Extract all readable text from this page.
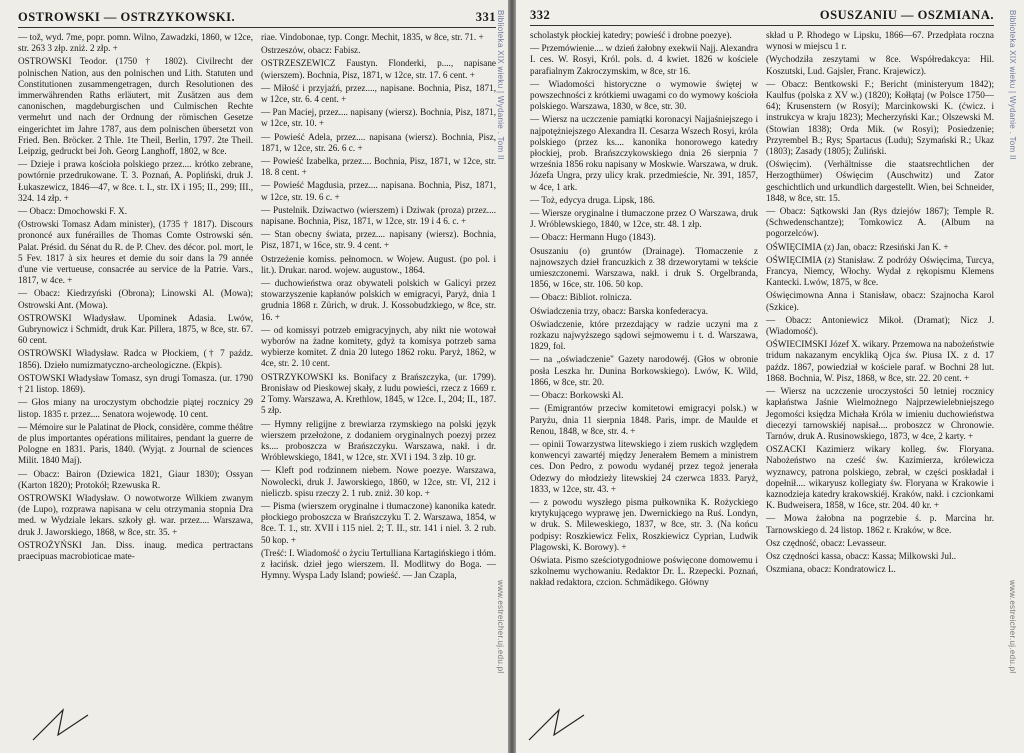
OSTROWSKI — OSTRZYKOWSKI.	331
— tož, wyd. 7me, popr. pomn. Wilno, Zawadzki, 1860, w 12ce, str. 263 3 złp. zniż. 2 złp. +
OSTROWSKI Teodor. (1750 † 1802). Civilrecht der polnischen Nation, aus den polnischen und Lith. Statuten und Constitutionen zusammengetragen, durch Resolutionen des immerwährenden Raths erläutert, mit Zusätzen aus dem canonischen, magdeburgischen und Culmischen Rechte vermehrt und nach der Ordnung der römischen Gesetze eingerichtet im Jahre 1787, aus dem polnischen übersetzt von Fried. Ben. Bröcker. 2 Thle. 1te Theil, Berlin, 1797. 2te Theil. Leipzig, gedruckt bei Joh. Georg Langhoff, 1802, w 8ce.
— Dzieje i prawa kościoła polskiego przez.... krótko zebrane, powtórnie przedrukowane. T. 3. Poznań, A. Popliński, druk J. Łukaszewicz, 1846—47, w 8ce. t. I., str. IX i 195; II., 299; III., 324. 14 złp. +
— Obacz: Dmochowski F. X.
(Ostrowski Tomasz Adam minister), (1735 † 1817). Discours prononcé aux funérailles de Thomas Comte Ostrowski sén. Palat. Présid. du Sénat du R. de P. Chev. des décor. pol. mort, le 5 Fev. 1817 à six heures et demie du soir dans la 79 année d'une vie vertueuse, consacrée au service de la Patrie. Vars., 1817, w 4ce. +
— Obacz: Kiedrzyński (Obrona); Linowski Al. (Mowa); Ostrowski Ant. (Mowa).
OSTROWSKI Władysław. Upominek Adasia. Lwów, Gubrynowicz i Schmidt, druk Kar. Pillera, 1875, w 8ce, str. 67. 60 cent.
OSTROWSKI Władysław. Radca w Płockiem, († 7 paźdz. 1856). Dzieło numizmatyczno-archeologiczne. (Ekpis).
OSTOWSKI Władysław Tomasz, syn drugi Tomasza. (ur. 1790 † 21 listop. 1869).
— Głos miany na uroczystym obchodzie piątej rocznicy 29 listop. 1835 r. przez.... Senatora wojewodę. 10 cent.
— Mémoire sur le Palatinat de Płock, considère, comme théâtre de plus importantes opérations militaires, pendant la guerre de Pologne en 1831. Paris, 1840. (Wyjąt. z Journal de sciences Milit. 1840 Maj).
— Obacz: Bairon (Dziewica 1821, Giaur 1830); Ossyan (Karton 1820); Protokół; Rzewuska R.
OSTROWSKI Władysław. O nowotworze Wilkiem zwanym (de Lupo), rozprawa napisana w celu otrzymania stopnia Dra med. w Wydziale lekars. szkoły gł. war. przez.... Warszawa, druk J. Jaworskiego, 1868, w 8ce, str. 35. +
OSTROŻYŃSKI Jan. Diss. inaug. medica pertractans praecipuas macrobioticae mate-
riae. Vindobonae, typ. Congr. Mechit, 1835, w 8ce, str. 71. +
Ostrzeszów, obacz: Fabisz.
OSTRZESZEWICZ Faustyn. Flonderki, p...., napisane (wierszem). Bochnia, Pisz, 1871, w 12ce, str. 17. 6 cent. +
— Miłość i przyjaźń, przez...., napisane. Bochnia, Pisz, 1871, w 12ce, str. 6. 4 cent. +
— Pan Maciej, przez.... napisany (wiersz). Bochnia, Pisz, 1871, w 12ce, str. 10. +
— Powieść Adela, przez.... napisana (wiersz). Bochnia, Pisz, 1871, w 12ce, str. 26. 6 c. +
— Powieść Izabelka, przez.... Bochnia, Pisz, 1871, w 12ce, str. 18. 8 cent. +
— Powieść Magdusia, przez.... napisana. Bochnia, Pisz, 1871, w 12ce, str. 19. 6 c. +
— Pustelnik. Dziwactwo (wierszem) i Dziwak (proza) przez.... napisane. Bochnia, Pisz, 1871, w 12ce, str. 19 i 4 6. c. +
— Stan obecny świata, przez.... napisany (wiersz). Bochnia, Pisz, 1871, w 16ce, str. 9. 4 cent. +
Ostrzeżenie komiss. pełnomocn. w Wojew. August. (po pol. i lit.). Drukar. narod. wojew. augustow., 1864.
— duchowieństwa oraz obywateli polskich w Galicyi przez stowarzyszenie kapłanów polskich w emigracyi, Paryż, dnia 1 grudnia 1868 r. Zürich, w druk. J. Kossobudzkiego, w 8ce, str. 16. +
— od komissyi potrzeb emigracyjnych, aby nikt nie wotował wyborów na żadne komitety, gdyż ta komisya potrzeb sama wybierze komitet. Z dnia 20 lutego 1862 roku. Paryż, 1862, w 4ce, str. 2. 10 cent.
OSTRZYKOWSKI ks. Bonifacy z Brańszczyka, (ur. 1799). Bronisław od Pieskowej skały, z ludu powieści, rzecz z 1669 r. 2 Tomy. Warszawa, A. Krethlow, 1845, w 12ce. I., 204; II., 187. 5 złp.
— Hymny religijne z brewiarza rzymskiego na polski język wierszem przełożone, z dodaniem oryginalnych poezyj przez ks.... proboszcza w Brańszczyku. Warszawa, nakł. i dr. Wróblewskiego, 1841, w 12ce, str. XVI i 194. 3 złp. 10 gr.
— Kleft pod rodzinnem niebem. Nowe poezye. Warszawa, Nowolecki, druk J. Jaworskiego, 1860, w 12ce, str. VI, 212 i nieliczb. spisu rzeczy 2. 1 rub. zniż. 30 kop. +
— Pisma (wierszem oryginalne i tłumaczone) kanonika katedr. płockiego proboszcza w Brańszczyku T. 2. Warszawa, 1854, w 8ce. T. 1., str. XVII i 115 niel. 2; T. II., str. 141 i niel. 3. 2 rub. 50 kop. +
(Treść: I. Wiadomość o życiu Tertulliana Kartagińskiego i tłóm. z łacińsk. dzieł jego wierszem. II. Modlitwy do Boga. — Hymny. Wyspa Lady Island; powieść. — Jan Czapla,
332	OSUSZANIU — OSZMIANA.
scholastyk płockiej katedry; powieść i drobne poezye).
— Przemówienie.... w dzień żałobny exekwii Najj. Alexandra I. ces. W. Rosyi, Król. pols. d. 4 kwiet. 1826 w kościele parafialnym Zakroczymskim, w 8ce, str 16.
— Wiadomości historyczne o wymowie świętej w powszechności z krótkiemi uwagami co do wymowy kościoła polskiego. Warszawa, 1830, w 8ce, str. 30.
— Wiersz na uczczenie pamiątki koronacyi Najjaśniejszego i najpotężniejszego Alexandra II. Cesarza Wszech Rosyi, króla polskiego (przez ks.... kanonika honorowego katedry płockiej, prob. Brańszczykowskiego dnia 26 sierpnia 7 września 1856 roku napisany w Moskwie. Warszawa, w druk. Józefa Ungra, przy ulicy krak. przedmieście, Nr. 391, 1857, w 4ce, 1 ark.
— Toż, edycya druga. Lipsk, 186.
— Wiersze oryginalne i tłumaczone przez O Warszawa, druk J. Wróblewskiego, 1840, w 12ce, str. 48. 1 złp.
— Obacz: Hermann Hugo (1843).
Osuszaniu (o) gruntów (Drainage). Tłomaczenie z najnowszych dzieł francuzkich z 38 drzeworytami w tekście umieszczonemi. Warszawa, nakł. i druk S. Orgelbranda, 1856, w 16ce, str. 106. 50 kop.
— Obacz: Bibliot. rolnicza.
Oświadczenia trzy, obacz: Barska konfederacya.
Oświadczenie, które przezdający w radzie uczyni ma z rozkazu najwyższego sądowi sejmowemu i t. d. Warszawa, 1829, fol.
— na „oświadczenie" Gazety narodowéj. (Głos w obronie posła Leszka hr. Dunina Borkowskiego). Lwów, K. Wild, 1866, w 8ce, str. 20.
— Obacz: Borkowski Al.
— (Emigrantów przeciw komitetowi emigracyi polsk.) w Paryżu, dnia 11 sierpnia 1848. Paris, impr. de Maulde et Renou, 1848, w 8ce, str. 4. +
— opinii Towarzystwa litewskiego i ziem ruskich względem konwencyi zawartéj między Jenerałem Bemem a ministrem ces. Don Pedro, z powodu wydanéj przez tegoż jenerała Odezwy do młodzieży litewskiej 24 czerwca 1833. Paryż, 1833, w 12ce, str. 43. +
— z powodu wyszłego pisma pułkownika K. Rożyckiego krytykującego wyprawę jen. Dwernickiego na Ruś. Londyn, w druk. S. Mileweskiego, 1837, w 8ce, str. 3. (Na końcu podpisy: Roszkiewicz Felix, Roszkiewicz Cyprian, Ludwik Plagowski, K. Borowy). +
Oświata. Pismo sześciotygodniowe poświęcone domowemu i szkolnemu wychowaniu. Redaktor Dr. L. Rzepecki. Poznań, nakład redaktora, czcion. Schmädikego. Główny
skład u P. Rhodego w Lipsku, 1866—67. Przedpłata roczna wynosi w miejscu 1 r.
(Wychodziła zeszytami w 8ce. Współredakcya: Hil. Koszutski, Lud. Gajsler, Franc. Krajewicz).
— Obacz: Bentkowski F.; Bericht (ministeryum 1842); Kaulfus (polska z XV w.) (1820); Kołłątaj (w Polsce 1750—64); Krusenstern (w Rosyi); Marcinkowski K. (ćwicz. i instrukcya w kraju 1823); Mecherzyński Kar.; Olszewski M. (Stowian 1838); Orda Mik. (w Rosyi); Posiedzenie; Przyrembel B.; Rys; Spartacus (Ludu); Szymański R.; Ukaz (1803); Zasady (1805); Żuliński.
(Oświęcim). (Verhältnisse die staatsrechtlichen der Herzogthümer) Oświęcim (Auschwitz) und Zator geschichtlich und urkundlich dargestellt. Wien, bei Schneider, 1848, w 8ce, str. 15.
— Obacz: Sątkowski Jan (Rys dziejów 1867); Temple R. (Schwedenschantze); Tomkowicz A. (Album na pogorzelców).
OŚWIĘCIMIA (z) Jan, obacz: Rzesiński Jan K. +
OŚWIĘCIMIA (z) Stanisław. Z podróży Oświęcima, Turcya, Francya, Niemcy, Włochy. Wydał z rękopismu Klemens Kantecki. Lwów, 1875, w 8ce.
Oświęcimowna Anna i Stanisław, obacz: Szajnocha Karol (Szkice).
— Obacz: Antoniewicz Mikoł. (Dramat); Nicz J. (Wiadomość).
OŚWIECIMSKI Józef X. wikary. Przemowa na nabożeństwie tridum nakazanym encykliką Ojca św. Piusa IX. z d. 17 paźdz. 1867, powiedział w kościele paraf. w Bochni 28 lut. 1868. Bochnia, W. Pisz, 1868, w 8ce, str. 22. 20 cent. +
— Wiersz na uczczenie uroczystości 50 letniej rocznicy kapłaństwa Jaśnie Wielmożnego Najprzewielebniejszego Jegomości księdza Michała Króla w imieniu duchowieństwa diecezyi tarnowskiéj napisał.... proboszcz w Chronowie. Tarnów, druk A. Rusinowskiego, 1873, w 4ce, 2 karty. +
OSZACKI Kazimierz wikary kolleg. św. Floryana. Nabożeństwo na cześć św. Kazimierza, królewicza wyznawcy, patrona polskiego, zebrał, w części poskładał i dopełnił.... wikaryusz kollegiaty św. Floryana w Krakowie i kaznodzieja katedry krakowskiéj. Kraków, nakł. i czcionkami K. Budweisera, 1858, w 16ce, str. 204. 40 kr. +
— Mowa żałobna na pogrzebie ś. p. Marcina hr. Tarnowskiego d. 24 listop. 1862 r. Kraków, w 8ce.
Osz czędność, obacz: Levasseur.
Osz czędności kassa, obacz: Kassa; Milkowski Jul..
Oszmiana, obacz: Kondratowicz L.
Biblioteka XIX wieku | Wydanie . Tom II
www.estreicher.uj.edu.pl
Biblioteka XIX wieku | Wydanie . Tom II
www.estreicher.uj.edu.pl
